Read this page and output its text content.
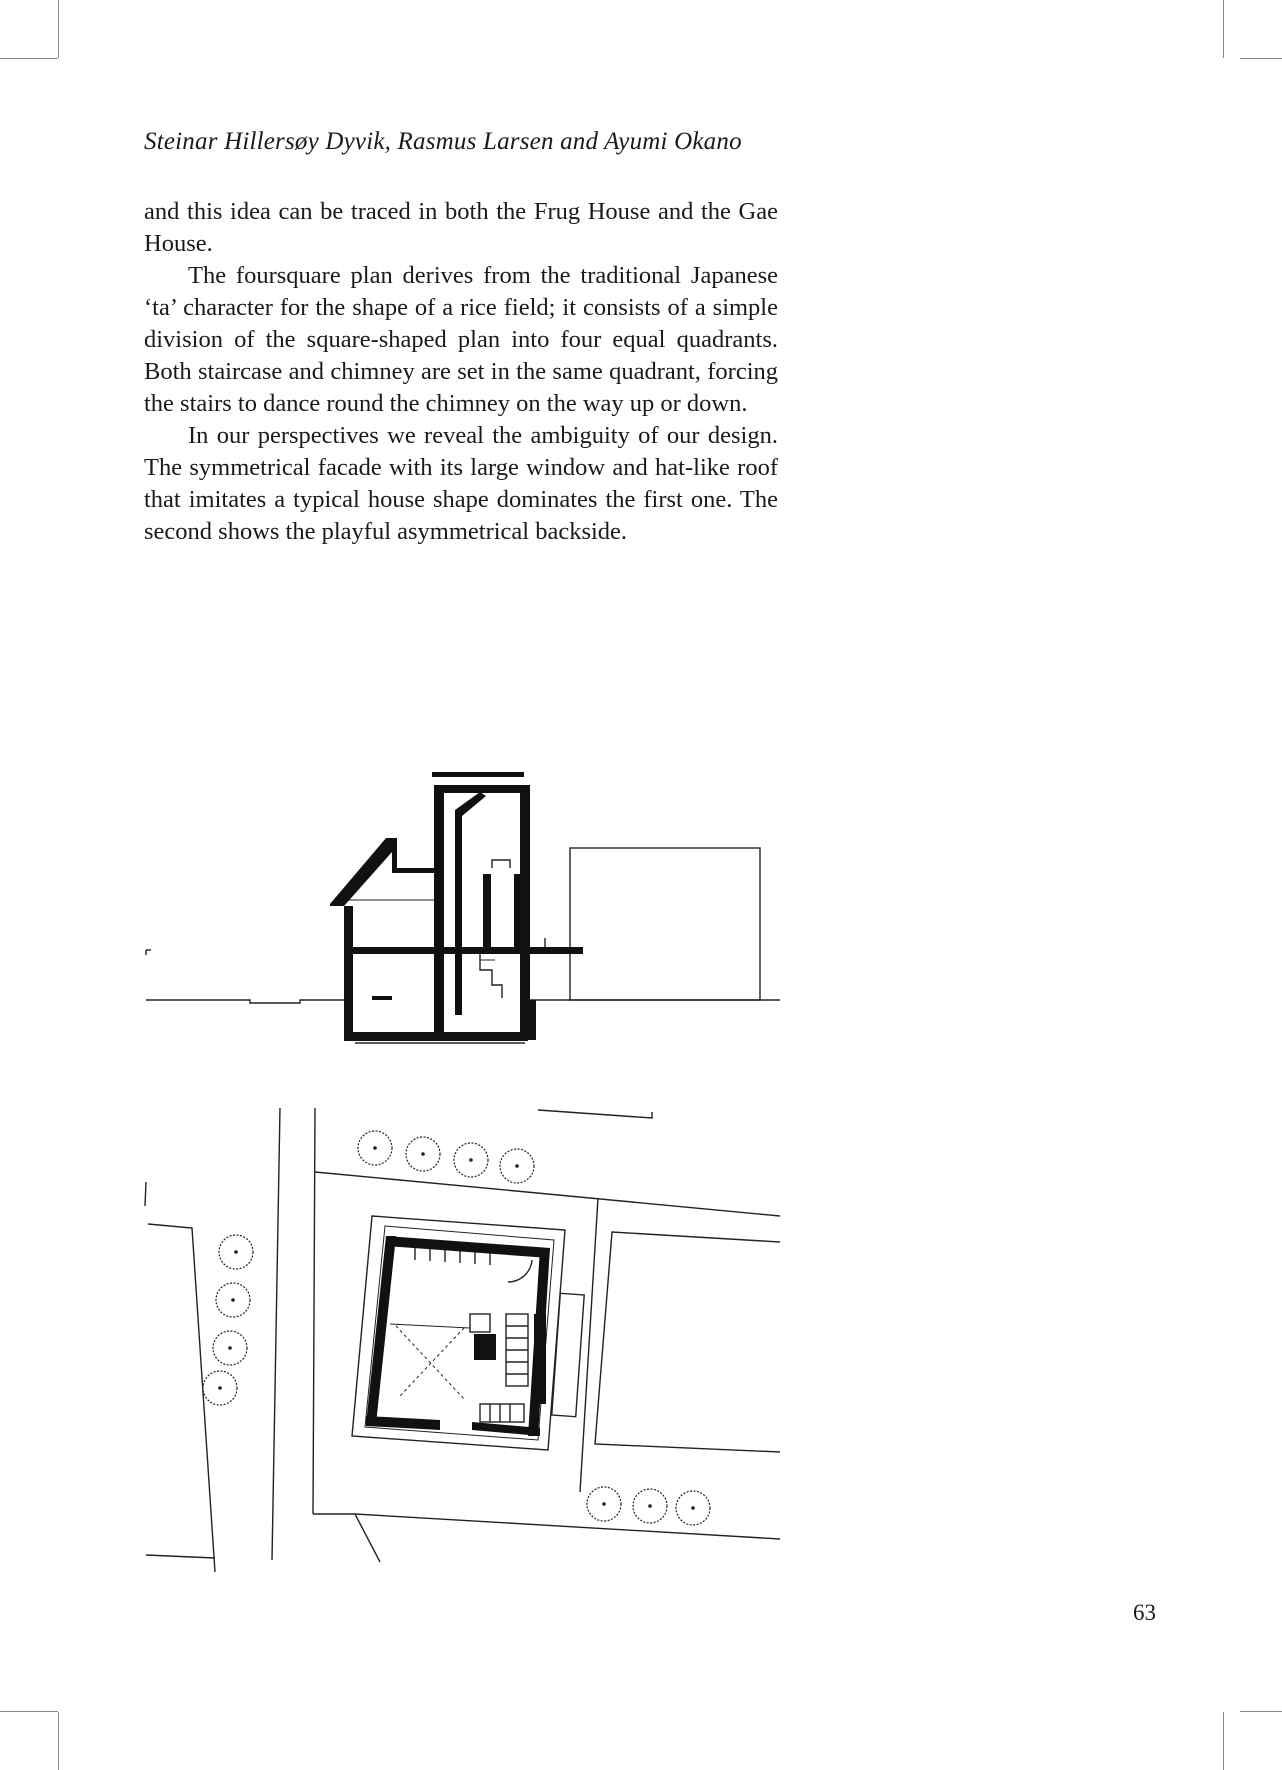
Steinar Hillersøy Dyvik, Rasmus Larsen and Ayumi Okano

and this idea can be traced in both the Frug House and the Gae House.

The foursquare plan derives from the traditional Japanese ‘ta’ character for the shape of a rice field; it consists of a simple division of the square-shaped plan into four equal quadrants. Both staircase and chimney are set in the same quadrant, forcing the stairs to dance round the chimney on the way up or down.

In our perspectives we reveal the ambiguity of our design. The symmetrical facade with its large window and hat-like roof that imitates a typical house shape dominates the first one. The second shows the playful asymmetrical backside.

63
